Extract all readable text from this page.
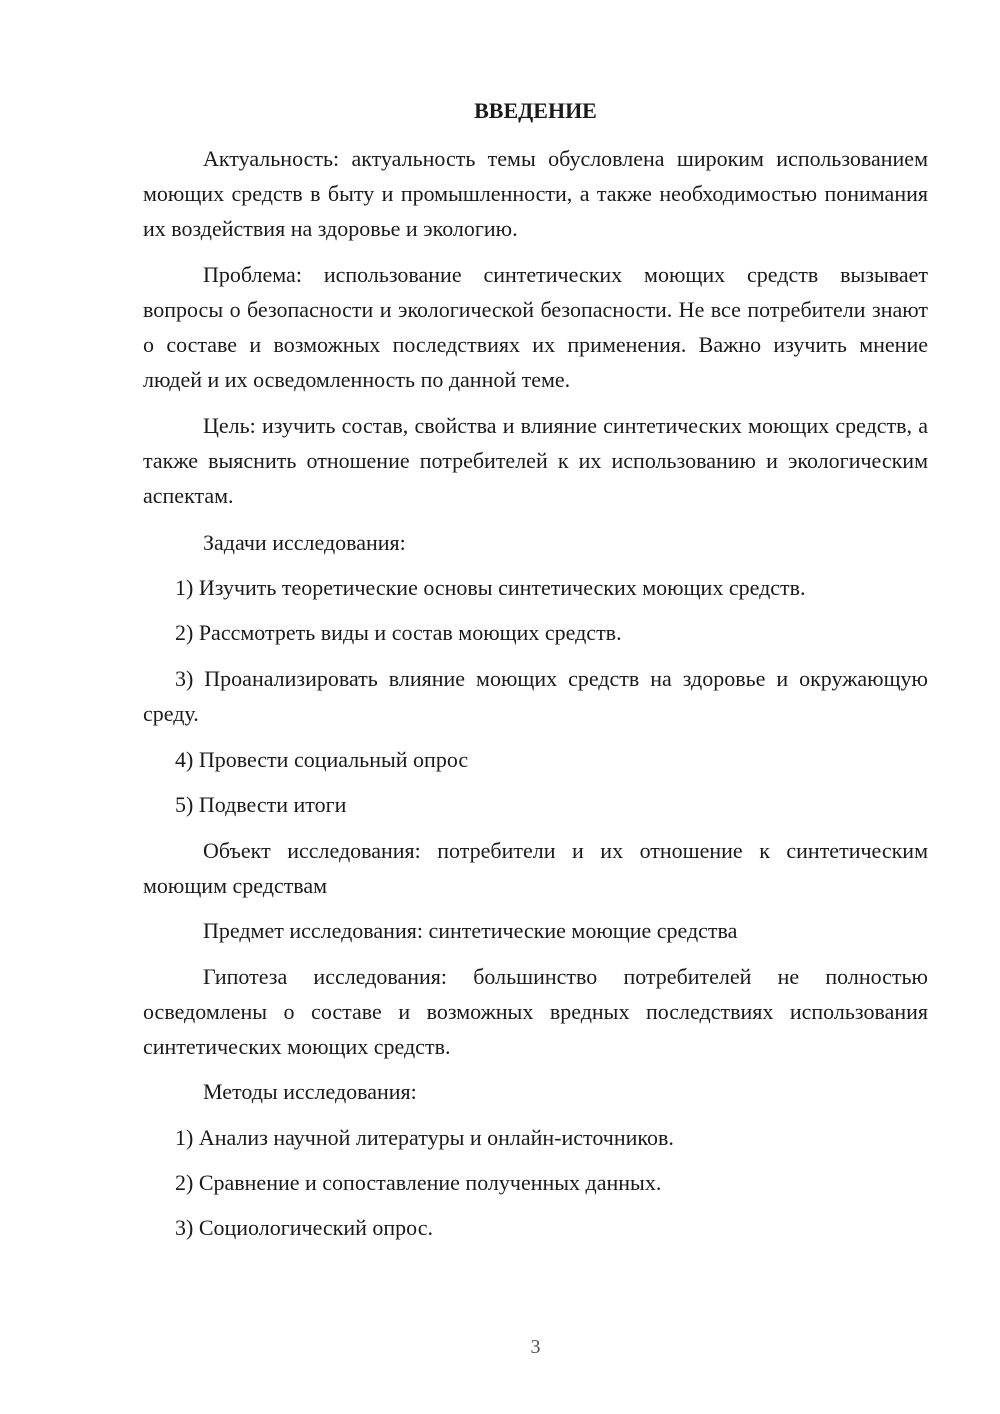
ВВЕДЕНИЕ
Актуальность: актуальность темы обусловлена широким использованием моющих средств в быту и промышленности, а также необходимостью понимания их воздействия на здоровье и экологию.
Проблема: использование синтетических моющих средств вызывает вопросы о безопасности и экологической безопасности. Не все потребители знают о составе и возможных последствиях их применения. Важно изучить мнение людей и их осведомленность по данной теме.
Цель: изучить состав, свойства и влияние синтетических моющих средств, а также выяснить отношение потребителей к их использованию и экологическим аспектам.
Задачи исследования:
1) Изучить теоретические основы синтетических моющих средств.
2) Рассмотреть виды и состав моющих средств.
3) Проанализировать влияние моющих средств на здоровье и окружающую среду.
4) Провести социальный опрос
5) Подвести итоги
Объект исследования: потребители и их отношение к синтетическим моющим средствам
Предмет исследования: синтетические моющие средства
Гипотеза исследования: большинство потребителей не полностью осведомлены о составе и возможных вредных последствиях использования синтетических моющих средств.
Методы исследования:
1) Анализ научной литературы и онлайн-источников.
2) Сравнение и сопоставление полученных данных.
3) Социологический опрос.
3
